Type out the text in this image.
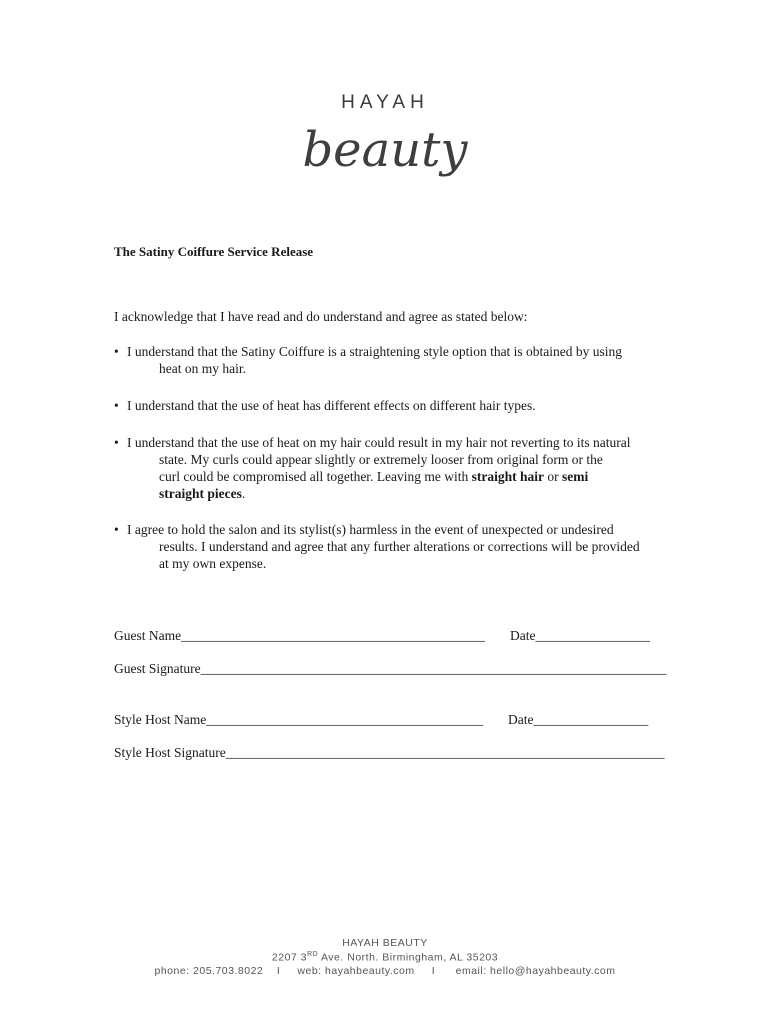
HAYAH
beauty
The Satiny Coiffure Service Release
I acknowledge that I have read and do understand and agree as stated below:
• I understand that the Satiny Coiffure is a straightening style option that is obtained by using
heat on my hair.
• I understand that the use of heat has different effects on different hair types.
• I understand that the use of heat on my hair could result in my hair not reverting to its natural
state. My curls could appear slightly or extremely looser from original form or the curl could be compromised all together. Leaving me with straight hair or semi straight pieces.
• I agree to hold the salon and its stylist(s) harmless in the event of unexpected or undesired
results. I understand and agree that any further alterations or corrections will be provided at my own expense.
Guest Name_____________________________________________ Date_________________
Guest Signature_____________________________________________________________________
Style Host Name_________________________________________ Date_________________
Style Host Signature_________________________________________________________________
HAYAH BEAUTY
2207 3RD Ave. North. Birmingham, AL 35203
phone: 205.703.8022    I     web: hayahbeauty.com     I      email: hello@hayahbeauty.com
